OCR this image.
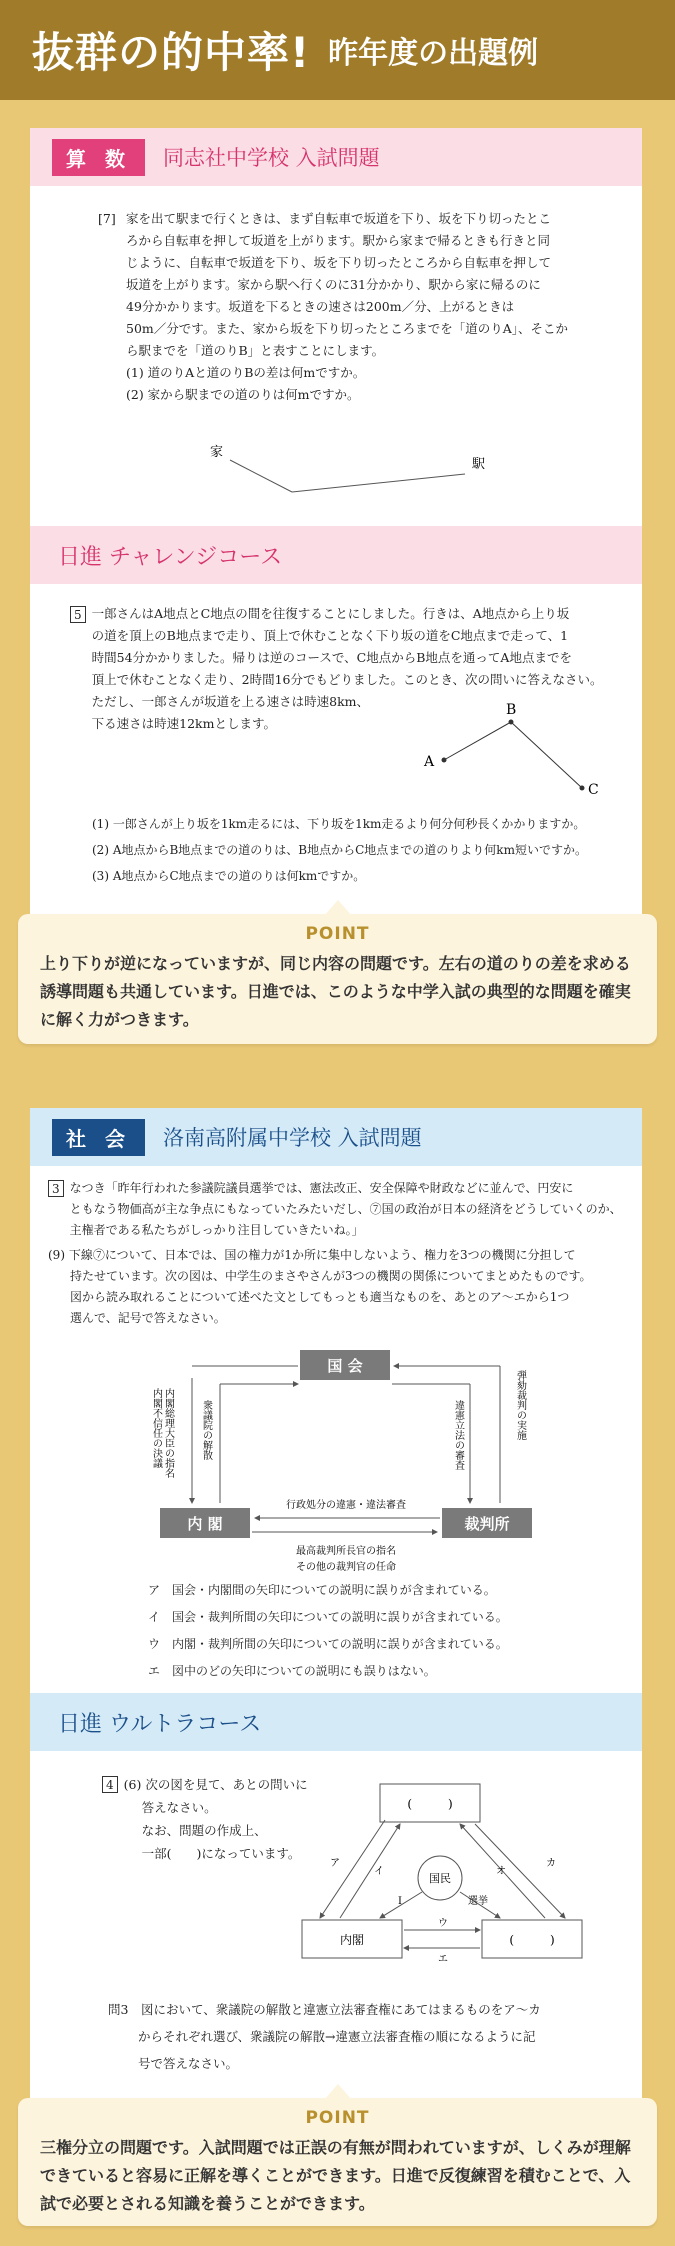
抜群の的中率! 昨年度の出題例
算 数	同志社中学校 入試問題
[7] 家を出て駅まで行くときは、まず自転車で坂道を下り、坂を下り切ったとこ

ろから自転車を押して坂道を上がります。駅から家まで帰るときも行きと同

じように、自転車で坂道を下り、坂を下り切ったところから自転車を押して

坂道を上がります。家から駅へ行くのに31分かかり、駅から家に帰るのに

49分かかります。坂道を下るときの速さは200m／分、上がるときは

50m／分です。また、家から坂を下り切ったところまでを「道のりA」、そこか

ら駅までを「道のりB」と表すことにします。

(1) 道のりAと道のりBの差は何mですか。

(2) 家から駅までの道のりは何mですか。

家
駅
日進 チャレンジコース
5 一郎さんはA地点とC地点の間を往復することにしました。行きは、A地点から上り坂

の道を頂上のB地点まで走り、頂上で休むことなく下り坂の道をC地点まで走って、1

時間54分かかりました。帰りは逆のコースで、C地点からB地点を通ってA地点までを

頂上で休むことなく走り、2時間16分でもどりました。このとき、次の問いに答えなさい。

ただし、一郎さんが坂道を上る速さは時速8km、

下る速さは時速12kmとします。

B
A
C

(1) 一郎さんが上り坂を1km走るには、下り坂を1km走るより何分何秒長くかかりますか。

(2) A地点からB地点までの道のりは、B地点からC地点までの道のりより何km短いですか。

(3) A地点からC地点までの道のりは何kmですか。

POINT
上り下りが逆になっていますが、同じ内容の問題です。左右の道のりの差を求める誘導問題も共通しています。日進では、このような中学入試の典型的な問題を確実に解く力がつきます。
社 会	洛南高附属中学校 入試問題
3 なつき「昨年行われた参議院議員選挙では、憲法改正、安全保障や財政などに並んで、円安に

ともなう物価高が主な争点にもなっていたみたいだし、⑦国の政治が日本の経済をどうしていくのか、

主権者である私たちがしっかり注目していきたいね。」

(9) 下線⑦について、日本では、国の権力が1か所に集中しないよう、権力を3つの機関に分担して

持たせています。次の図は、中学生のまさやさんが3つの機関の関係についてまとめたものです。

図から読み取れることについて述べた文としてもっとも適当なものを、あとのア〜エから1つ

選んで、記号で答えなさい。

国 会
内 閣	裁判所
内閣総理大臣の指名
内閣不信任の決議	衆議院の解散	違憲立法の審査	弾劾裁判の実施
行政処分の違憲・違法審査
最高裁判所長官の指名
その他の裁判官の任命

ア　国会・内閣間の矢印についての説明に誤りが含まれている。

イ　国会・裁判所間の矢印についての説明に誤りが含まれている。

ウ　内閣・裁判所間の矢印についての説明に誤りが含まれている。

エ　図中のどの矢印についての説明にも誤りはない。

日進 ウルトラコース
4 (6) 次の図を見て、あとの問いに

答えなさい。

なお、問題の作成上、

一部(　　)になっています。

(　　　)
内閣	(　　　)
国民
ア
イ
I
オ
カ
選挙
ウ
エ

問3　図において、衆議院の解散と違憲立法審査権にあてはまるものをア〜カ

からそれぞれ選び、衆議院の解散→違憲立法審査権の順になるように記

号で答えなさい。

POINT
三権分立の問題です。入試問題では正誤の有無が問われていますが、しくみが理解できていると容易に正解を導くことができます。日進で反復練習を積むことで、入試で必要とされる知識を養うことができます。
